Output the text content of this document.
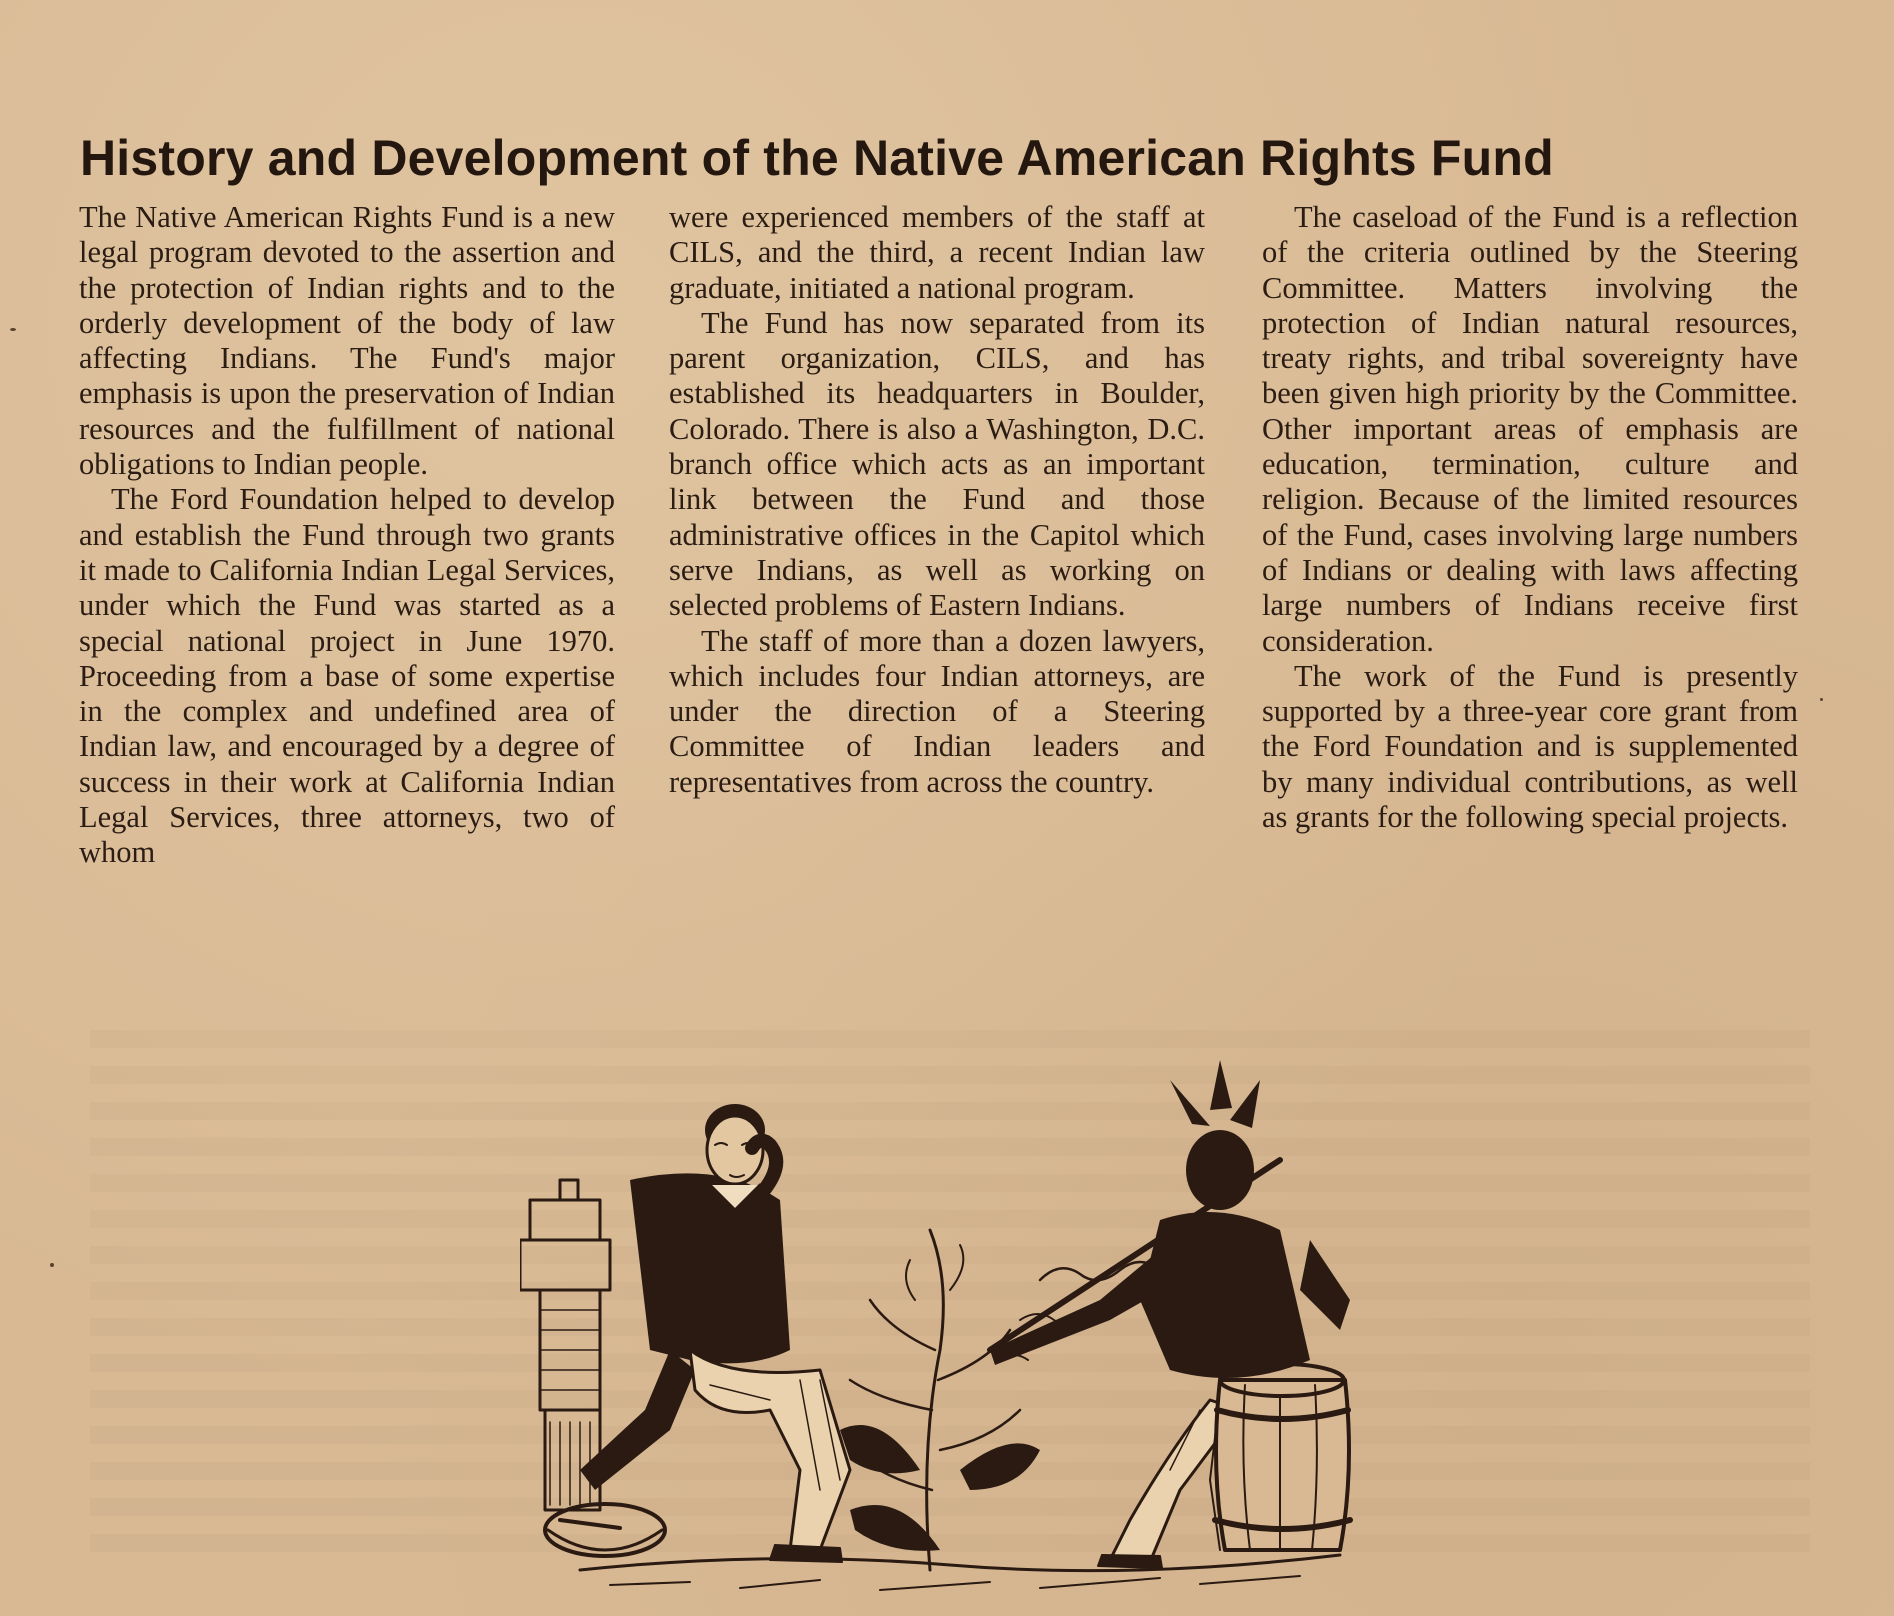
History and Development of the Native American Rights Fund

The Native American Rights Fund is a new legal program devoted to the assertion and the protection of Indian rights and to the orderly development of the body of law affecting Indians. The Fund's major emphasis is upon the preservation of Indian resources and the fulfillment of national obligations to Indian people.

The Ford Foundation helped to develop and establish the Fund through two grants it made to California Indian Legal Services, under which the Fund was started as a special national project in June 1970. Proceeding from a base of some expertise in the complex and undefined area of Indian law, and encouraged by a degree of success in their work at California Indian Legal Services, three attorneys, two of whom

were experienced members of the staff at CILS, and the third, a recent Indian law graduate, initiated a national program.

The Fund has now separated from its parent organization, CILS, and has established its headquarters in Boulder, Colorado. There is also a Washington, D.C. branch office which acts as an important link between the Fund and those administrative offices in the Capitol which serve Indians, as well as working on selected problems of Eastern Indians.

The staff of more than a dozen lawyers, which includes four Indian attorneys, are under the direction of a Steering Committee of Indian leaders and representatives from across the country.

The caseload of the Fund is a reflection of the criteria outlined by the Steering Committee. Matters involving the protection of Indian natural resources, treaty rights, and tribal sovereignty have been given high priority by the Committee. Other important areas of emphasis are education, termination, culture and religion. Because of the limited resources of the Fund, cases involving large numbers of Indians or dealing with laws affecting large numbers of Indians receive first consideration.

The work of the Fund is presently supported by a three-year core grant from the Ford Foundation and is supplemented by many individual contributions, as well as grants for the following special projects.
